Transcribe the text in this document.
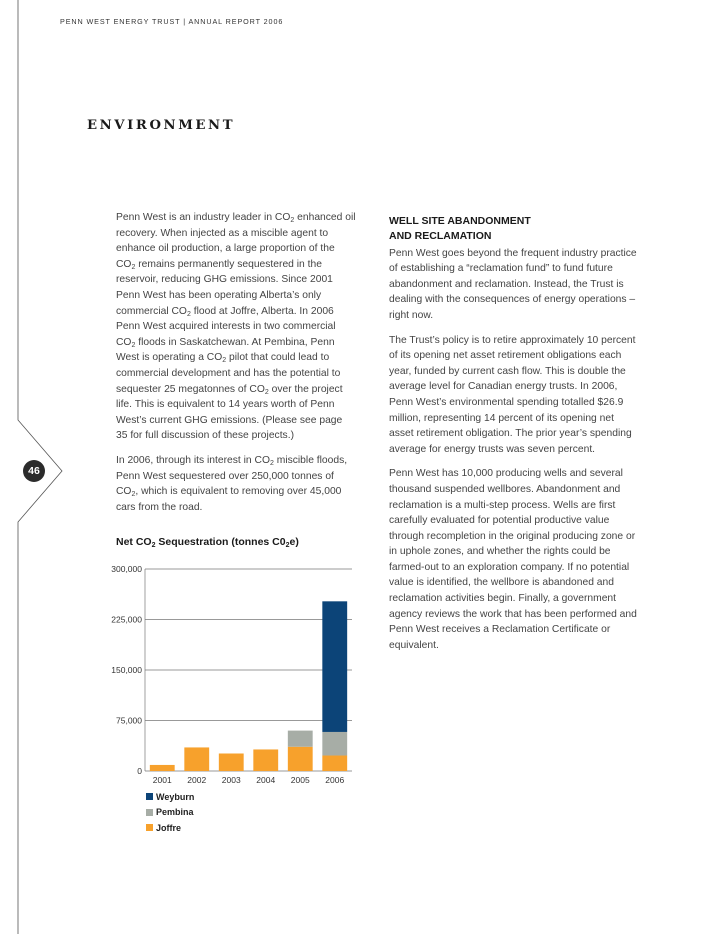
PENN WEST ENERGY TRUST | ANNUAL REPORT 2006
46
ENVIRONMENT

Penn West is an industry leader in $CO_2$ enhanced oil recovery. When injected as a miscible agent to enhance oil production, a large proportion of the $CO_2$ remains permanently sequestered in the reservoir, reducing GHG emissions. Since 2001 Penn West has been operating Alberta’s only commercial $CO_2$ flood at Joffre, Alberta. In 2006 Penn West acquired interests in two commercial $CO_2$ floods in Saskatchewan. At Pembina, Penn West is operating a $CO_2$ pilot that could lead to commercial development and has the potential to sequester 25 megatonnes of $CO_2$ over the project life. This is equivalent to 14 years worth of Penn West’s current GHG emissions. (Please see page 35 for full discussion of these projects.)

In 2006, through its interest in $CO_2$ miscible floods, Penn West sequestered over 250,000 tonnes of $CO_2$, which is equivalent to removing over 45,000 cars from the road.

WELL SITE ABANDONMENT
AND RECLAMATION

Penn West goes beyond the frequent industry practice of establishing a “reclamation fund” to fund future abandonment and reclamation. Instead, the Trust is dealing with the consequences of energy operations – right now.

The Trust’s policy is to retire approximately 10 percent of its opening net asset retirement obligations each year, funded by current cash flow. This is double the average level for Canadian energy trusts. In 2006, Penn West’s environmental spending totalled $26.9 million, representing 14 percent of its opening net asset retirement obligation. The prior year’s spending average for energy trusts was seven percent.

Penn West has 10,000 producing wells and several thousand suspended wellbores. Abandonment and reclamation is a multi-step process. Wells are first carefully evaluated for potential productive value through recompletion in the original producing zone or in uphole zones, and whether the rights could be farmed-out to an exploration company. If no potential value is identified, the wellbore is abandoned and reclamation activities begin. Finally, a government agency reviews the work that has been performed and Penn West receives a Reclamation Certificate or equivalent.

Net $CO_2$ Sequestration (tonnes $C0_2e$)
0
75,000
150,000
225,000
300,000
2001 2002 2003 2004 2005 2006
Weyburn
Pembina
Joffre
